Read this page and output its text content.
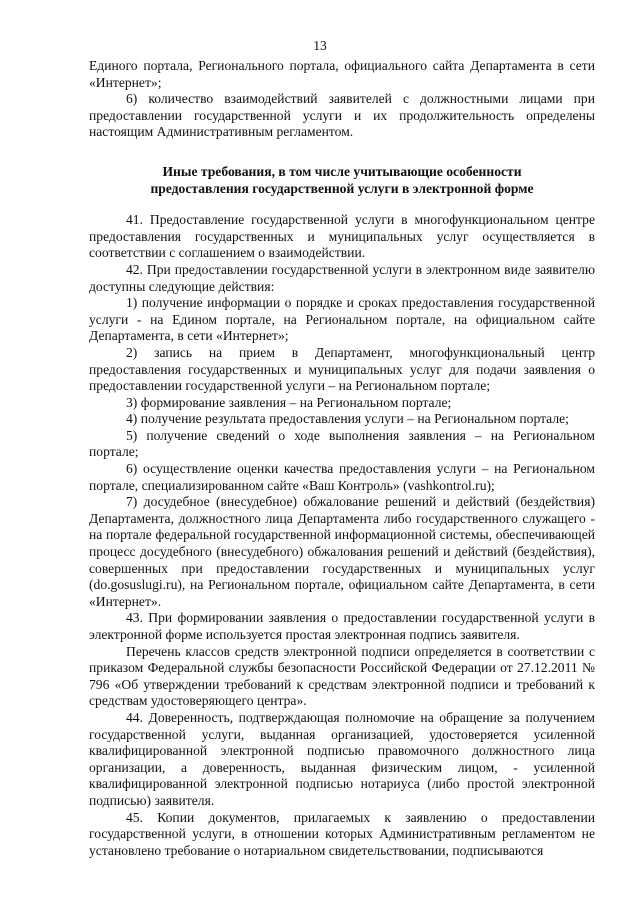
13

Единого портала, Регионального портала, официального сайта Департамента в сети «Интернет»;

6) количество взаимодействий заявителей с должностными лицами при предоставлении государственной услуги и их продолжительность определены настоящим Административным регламентом.

Иные требования, в том числе учитывающие особенности
предоставления государственной услуги в электронной форме

41. Предоставление государственной услуги в многофункциональном центре предоставления государственных и муниципальных услуг осуществляется в соответствии с соглашением о взаимодействии.

42. При предоставлении государственной услуги в электронном виде заявителю доступны следующие действия:

1) получение информации о порядке и сроках предоставления государственной услуги - на Едином портале, на Региональном портале, на официальном сайте Департамента, в сети «Интернет»;

2) запись на прием в Департамент, многофункциональный центр предоставления государственных и муниципальных услуг для подачи заявления о предоставлении государственной услуги – на Региональном портале;

3) формирование заявления – на Региональном портале;

4) получение результата предоставления услуги – на Региональном портале;

5) получение сведений о ходе выполнения заявления – на Региональном портале;

6) осуществление оценки качества предоставления услуги – на Региональном портале, специализированном сайте «Ваш Контроль» (vashkontrol.ru);

7) досудебное (внесудебное) обжалование решений и действий (бездействия) Департамента, должностного лица Департамента либо государственного служащего - на портале федеральной государственной информационной системы, обеспечивающей процесс досудебного (внесудебного) обжалования решений и действий (бездействия), совершенных при предоставлении государственных и муниципальных услуг (do.gosuslugi.ru), на Региональном портале, официальном сайте Департамента, в сети «Интернет».

43. При формировании заявления о предоставлении государственной услуги в электронной форме используется простая электронная подпись заявителя.

Перечень классов средств электронной подписи определяется в соответствии с приказом Федеральной службы безопасности Российской Федерации от 27.12.2011 № 796 «Об утверждении требований к средствам электронной подписи и требований к средствам удостоверяющего центра».

44. Доверенность, подтверждающая полномочие на обращение за получением государственной услуги, выданная организацией, удостоверяется усиленной квалифицированной электронной подписью правомочного должностного лица организации, а доверенность, выданная физическим лицом, - усиленной квалифицированной электронной подписью нотариуса (либо простой электронной подписью) заявителя.

45. Копии документов, прилагаемых к заявлению о предоставлении государственной услуги, в отношении которых Административным регламентом не установлено требование о нотариальном свидетельствовании, подписываются
